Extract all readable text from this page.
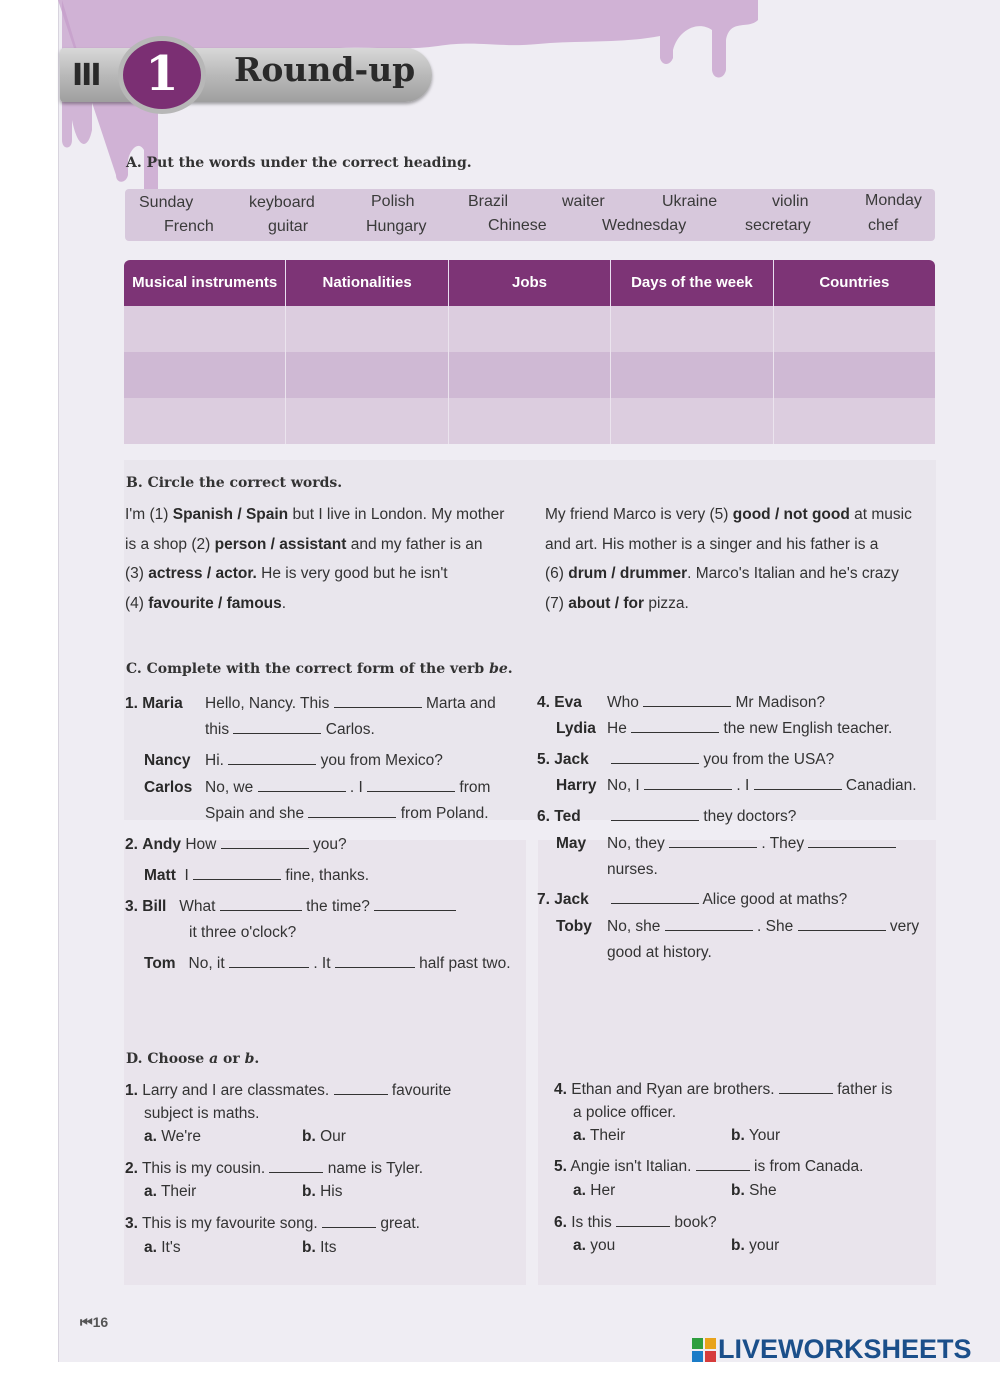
III 1	Round-up
A. Put the words under the correct heading.
Sunday	keyboard	Polish	Brazil	waiter	Ukraine	violin	Monday
French	guitar	Hungary	Chinese	Wednesday	secretary	chef
Musical instruments	Nationalities	Jobs	Days of the week	Countries
B. Circle the correct words.
I'm (1) Spanish / Spain but I live in London. My mother
is a shop (2) person / assistant and my father is an
(3) actress / actor. He is very good but he isn't
(4) favourite / famous.
My friend Marco is very (5) good / not good at music
and art. His mother is a singer and his father is a
(6) drum / drummer. Marco's Italian and he's crazy
(7) about / for pizza.
C. Complete with the correct form of the verb be.
1. Maria Hello, Nancy. This	Marta and
this	Carlos.
Nancy Hi.	you from Mexico?
Carlos No, we	. I	from
Spain and she	from Poland.
2. Andy How	you?
Matt I	fine, thanks.
3. Bill What	the time?
it three o'clock?
Tom No, it	. It	half past two.
4. Eva Who	Mr Madison?
Lydia He	the new English teacher.
5. Jack	you from the USA?
Harry No, I	. I	Canadian.
6. Ted	they doctors?
May No, they	. They
nurses.
7. Jack	Alice good at maths?
Toby No, she	. She	very
good at history.
D. Choose a or b.
1. Larry and I are classmates.	favourite
subject is maths.
a. We're	b. Our
2. This is my cousin.	name is Tyler.
a. Their	b. His
3. This is my favourite song.	great.
a. It's	b. Its
4. Ethan and Ryan are brothers.	father is
a police officer.
a. Their	b. Your
5. Angie isn't Italian.	is from Canada.
a. Her	b. She
6. Is this	book?
a. you	b. your
⏮16
LIVEWORKSHEETS
